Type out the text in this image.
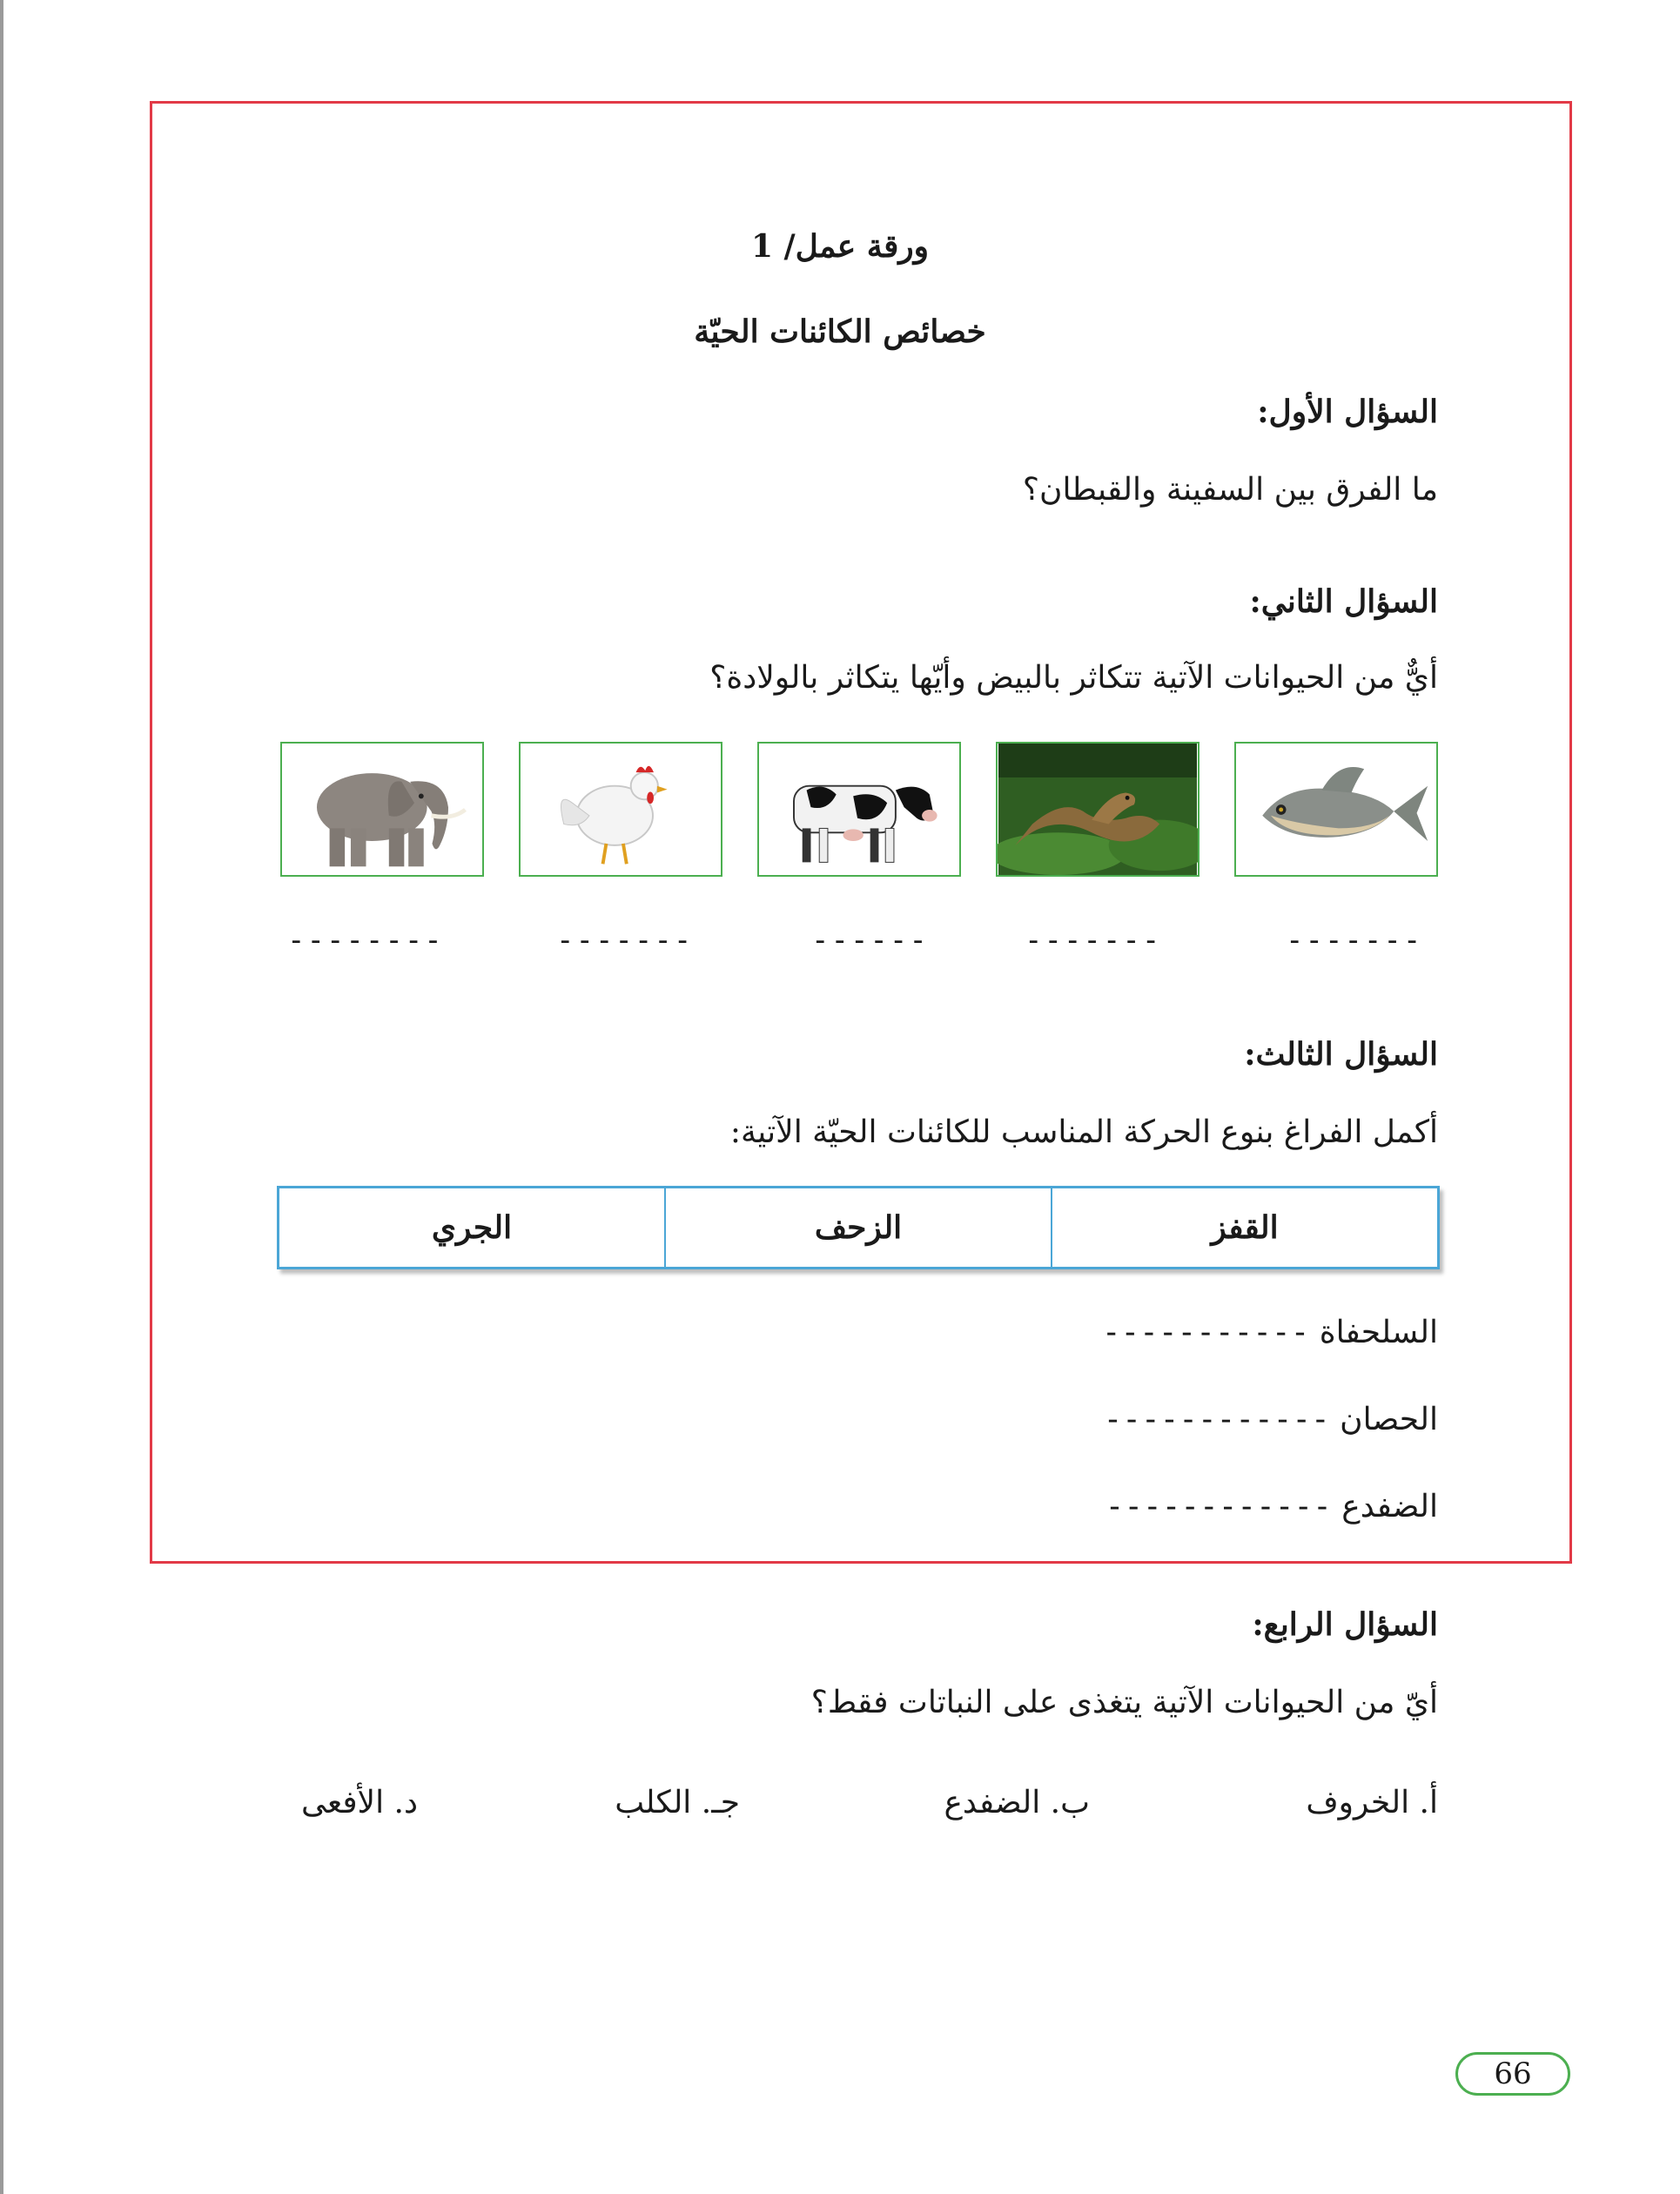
ورقة عمل/ 1
خصائص الكائنات الحيّة
السؤال الأول:
ما الفرق بين السفينة والقبطان؟
السؤال الثاني:
أيٌّ من الحيوانات الآتية تتكاثر بالبيض وأيّها يتكاثر بالولادة؟
-------
-------
------
-------
--------
السؤال الثالث:
أكمل الفراغ بنوع الحركة المناسب للكائنات الحيّة الآتية:
القفز
الزحف
الجري
السلحفاة -----------
الحصان ------------
الضفدع ------------
السؤال الرابع:
أيّ من الحيوانات الآتية يتغذى على النباتات فقط؟
أ. الخروف
ب. الضفدع
جـ. الكلب
د. الأفعى
66
